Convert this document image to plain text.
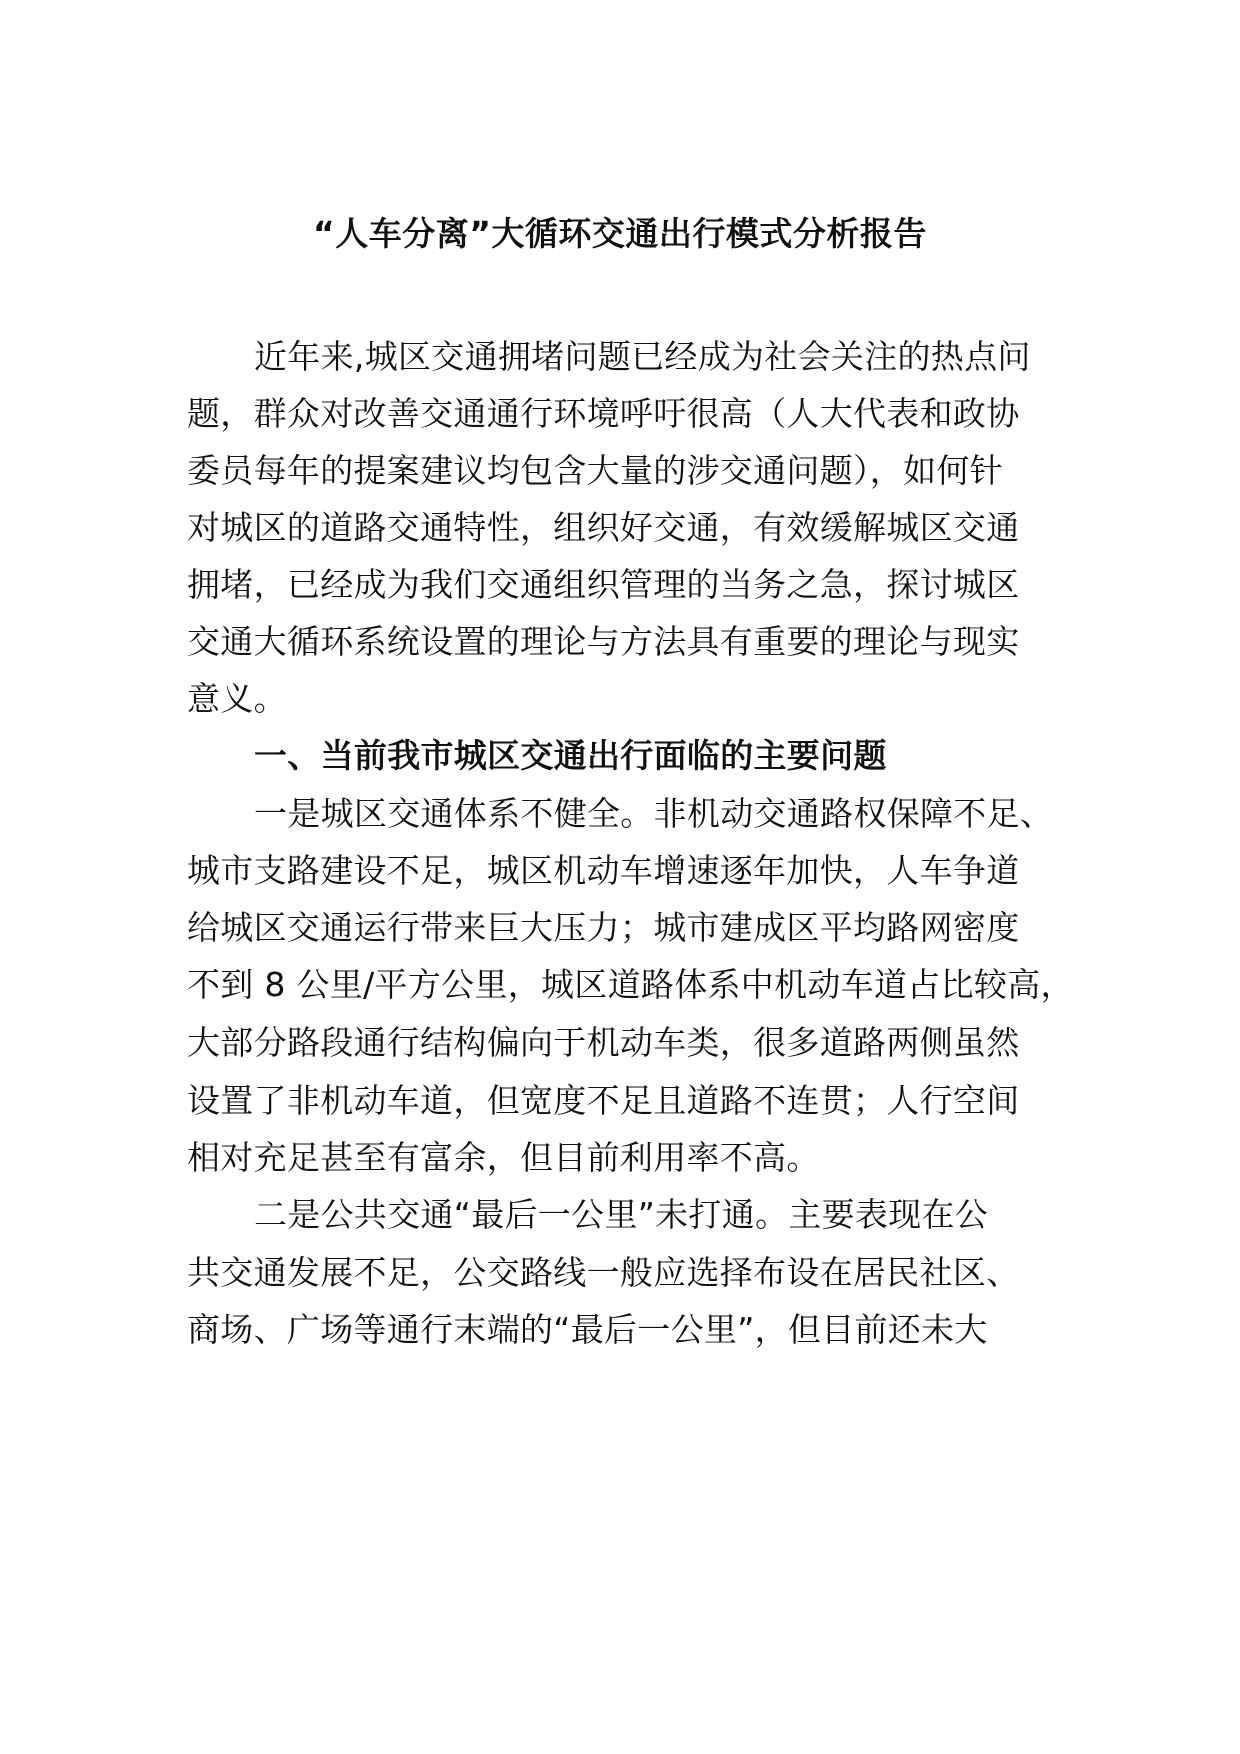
“人车分离”大循环交通出行模式分析报告
近年来,城区交通拥堵问题已经成为社会关注的热点问
题，群众对改善交通通行环境呼吁很高（人大代表和政协
委员每年的提案建议均包含大量的涉交通问题），如何针
对城区的道路交通特性，组织好交通，有效缓解城区交通
拥堵，已经成为我们交通组织管理的当务之急，探讨城区
交通大循环系统设置的理论与方法具有重要的理论与现实
意义。
一、当前我市城区交通出行面临的主要问题
一是城区交通体系不健全。非机动交通路权保障不足、
城市支路建设不足，城区机动车增速逐年加快，人车争道
给城区交通运行带来巨大压力；城市建成区平均路网密度
不到 8 公里/平方公里，城区道路体系中机动车道占比较高，
大部分路段通行结构偏向于机动车类，很多道路两侧虽然
设置了非机动车道，但宽度不足且道路不连贯；人行空间
相对充足甚至有富余，但目前利用率不高。
二是公共交通“最后一公里”未打通。主要表现在公
共交通发展不足，公交路线一般应选择布设在居民社区、
商场、广场等通行末端的“最后一公里”，但目前还未大
